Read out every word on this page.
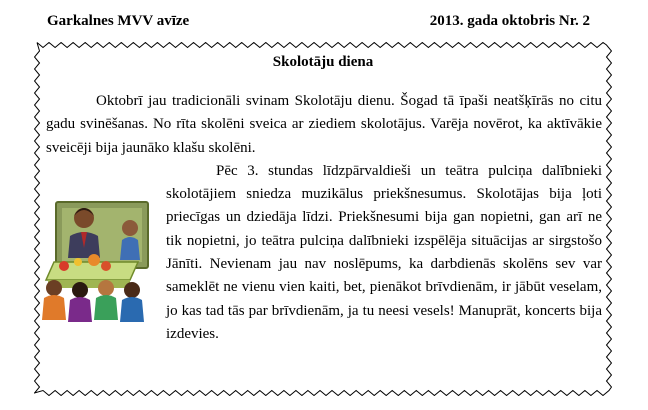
Garkalnes MVV avīze	2013. gada oktobris Nr. 2
Skolotāju diena

Oktobrī jau tradicionāli svinam Skolotāju dienu. Šogad tā īpaši neatšķīrās no citu gadu svinēšanas. No rīta skolēni sveica ar ziediem skolotājus. Varēja novērot, ka aktīvākie sveicēji bija jaunāko klašu skolēni.

Pēc 3. stundas līdzpārvaldieši un teātra pulciņa dalībnieki skolotājiem sniedza muzikālus priekšnesumus. Skolotājas bija ļoti priecīgas un dziedāja līdzi. Priekšnesumi bija gan nopietni, gan arī ne tik nopietni, jo teātra pulciņa dalībnieki izspēlēja situācijas ar sirgstošo Jānīti. Nevienam jau nav noslēpums, ka darbdienās skolēns sev var sameklēt ne vienu vien kaiti, bet, pienākot brīvdienām, ir jābūt veselam, jo kas tad tās par brīvdienām, ja tu neesi vesels! Manuprāt, koncerts bija izdevies.
